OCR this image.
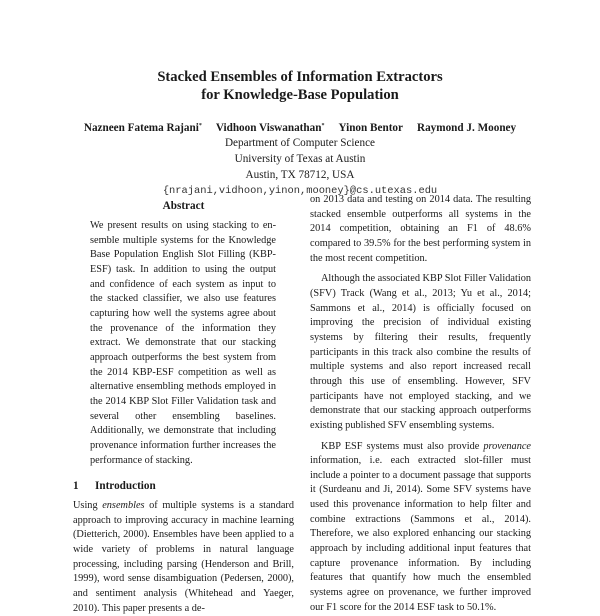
Stacked Ensembles of Information Extractors
for Knowledge-Base Population
Nazneen Fatema Rajani* Vidhoon Viswanathan* Yinon Bentor Raymond J. Mooney
Department of Computer Science
University of Texas at Austin
Austin, TX 78712, USA
{nrajani,vidhoon,yinon,mooney}@cs.utexas.edu
Abstract

We present results on using stacking to ensemble multiple systems for the Knowledge Base Population English Slot Filling (KBP-ESF) task. In addition to using the output and confidence of each system as input to the stacked classifier, we also use features capturing how well the systems agree about the provenance of the information they extract. We demonstrate that our stacking approach outperforms the best system from the 2014 KBP-ESF competition as well as alternative ensembling methods employed in the 2014 KBP Slot Filler Validation task and several other ensembling baselines. Additionally, we demonstrate that including provenance information further increases the performance of stacking.

1 Introduction

Using ensembles of multiple systems is a standard approach to improving accuracy in machine learning (Dietterich, 2000). Ensembles have been applied to a wide variety of problems in natural language processing, including parsing (Henderson and Brill, 1999), word sense disambiguation (Pedersen, 2000), and sentiment analysis (Whitehead and Yaeger, 2010). This paper presents a de-

on 2013 data and testing on 2014 data. The resulting stacked ensemble outperforms all systems in the 2014 competition, obtaining an F1 of 48.6% compared to 39.5% for the best performing system in the most recent competition.

Although the associated KBP Slot Filler Validation (SFV) Track (Wang et al., 2013; Yu et al., 2014; Sammons et al., 2014) is officially focused on improving the precision of individual existing systems by filtering their results, frequently participants in this track also combine the results of multiple systems and also report increased recall through this use of ensembling. However, SFV participants have not employed stacking, and we demonstrate that our stacking approach outperforms existing published SFV ensembling systems.

KBP ESF systems must also provide provenance information, i.e. each extracted slot-filler must include a pointer to a document passage that supports it (Surdeanu and Ji, 2014). Some SFV systems have used this provenance information to help filter and combine extractions (Sammons et al., 2014). Therefore, we also explored enhancing our stacking approach by including additional input features that capture provenance information. By including features that quantify how much the ensembled systems agree on provenance, we further improved our F1 score for the 2014 ESF task to 50.1%.
